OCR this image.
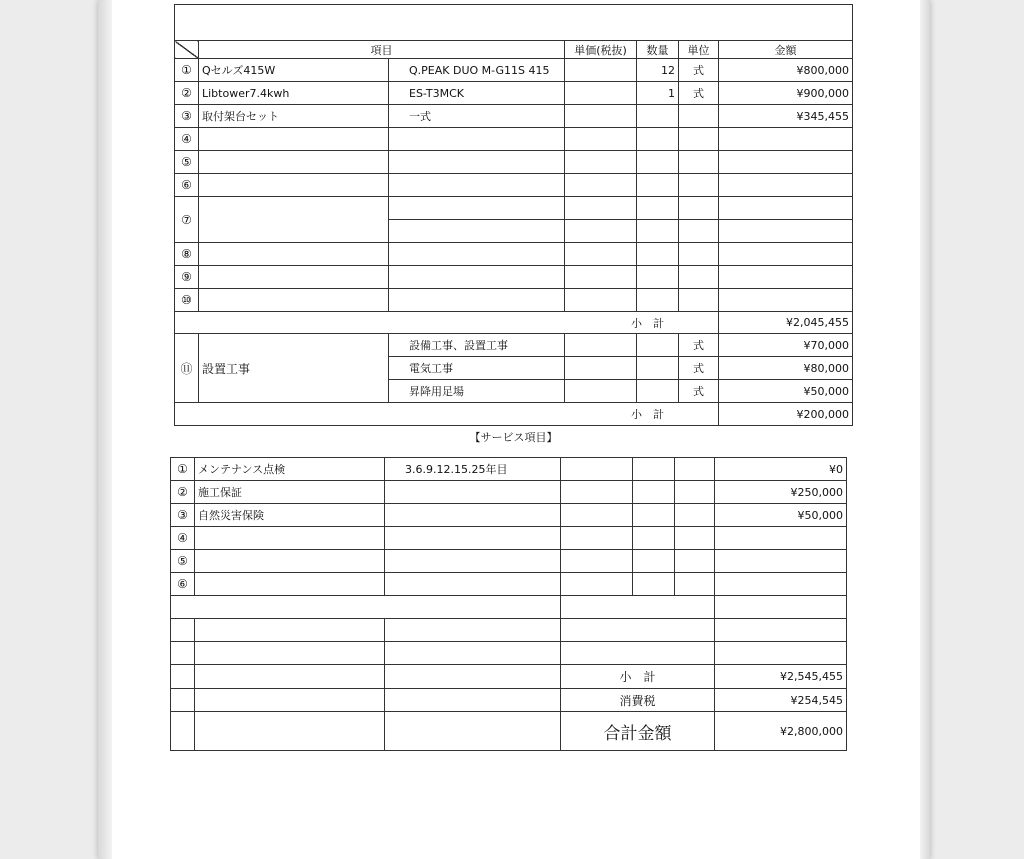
	項目		単価(税抜)	数量	単位	金額
①	Qセルズ415W	Q.PEAK DUO M-G11S 415		12	式	¥800,000
②	Libtower7.4kwh	ES-T3MCK		1	式	¥900,000
③	取付架台セット	一式				¥345,455
④						
⑤						
⑥						
⑦						

⑧						
⑨						
⑩						
小　計						¥2,045,455
⑪	設置工事	設備工事、設置工事			式	¥70,000
		電気工事			式	¥80,000
		昇降用足場			式	¥50,000
小　計						¥200,000
【サービス項目】						
①	メンテナンス点検	3.6.9.12.15.25年目				¥0
②	施工保証					¥250,000
③	自然災害保険					¥50,000
④						
⑤						
⑥						

			小　計			¥2,545,455
			消費税			¥254,545
			合計金額			¥2,800,000
